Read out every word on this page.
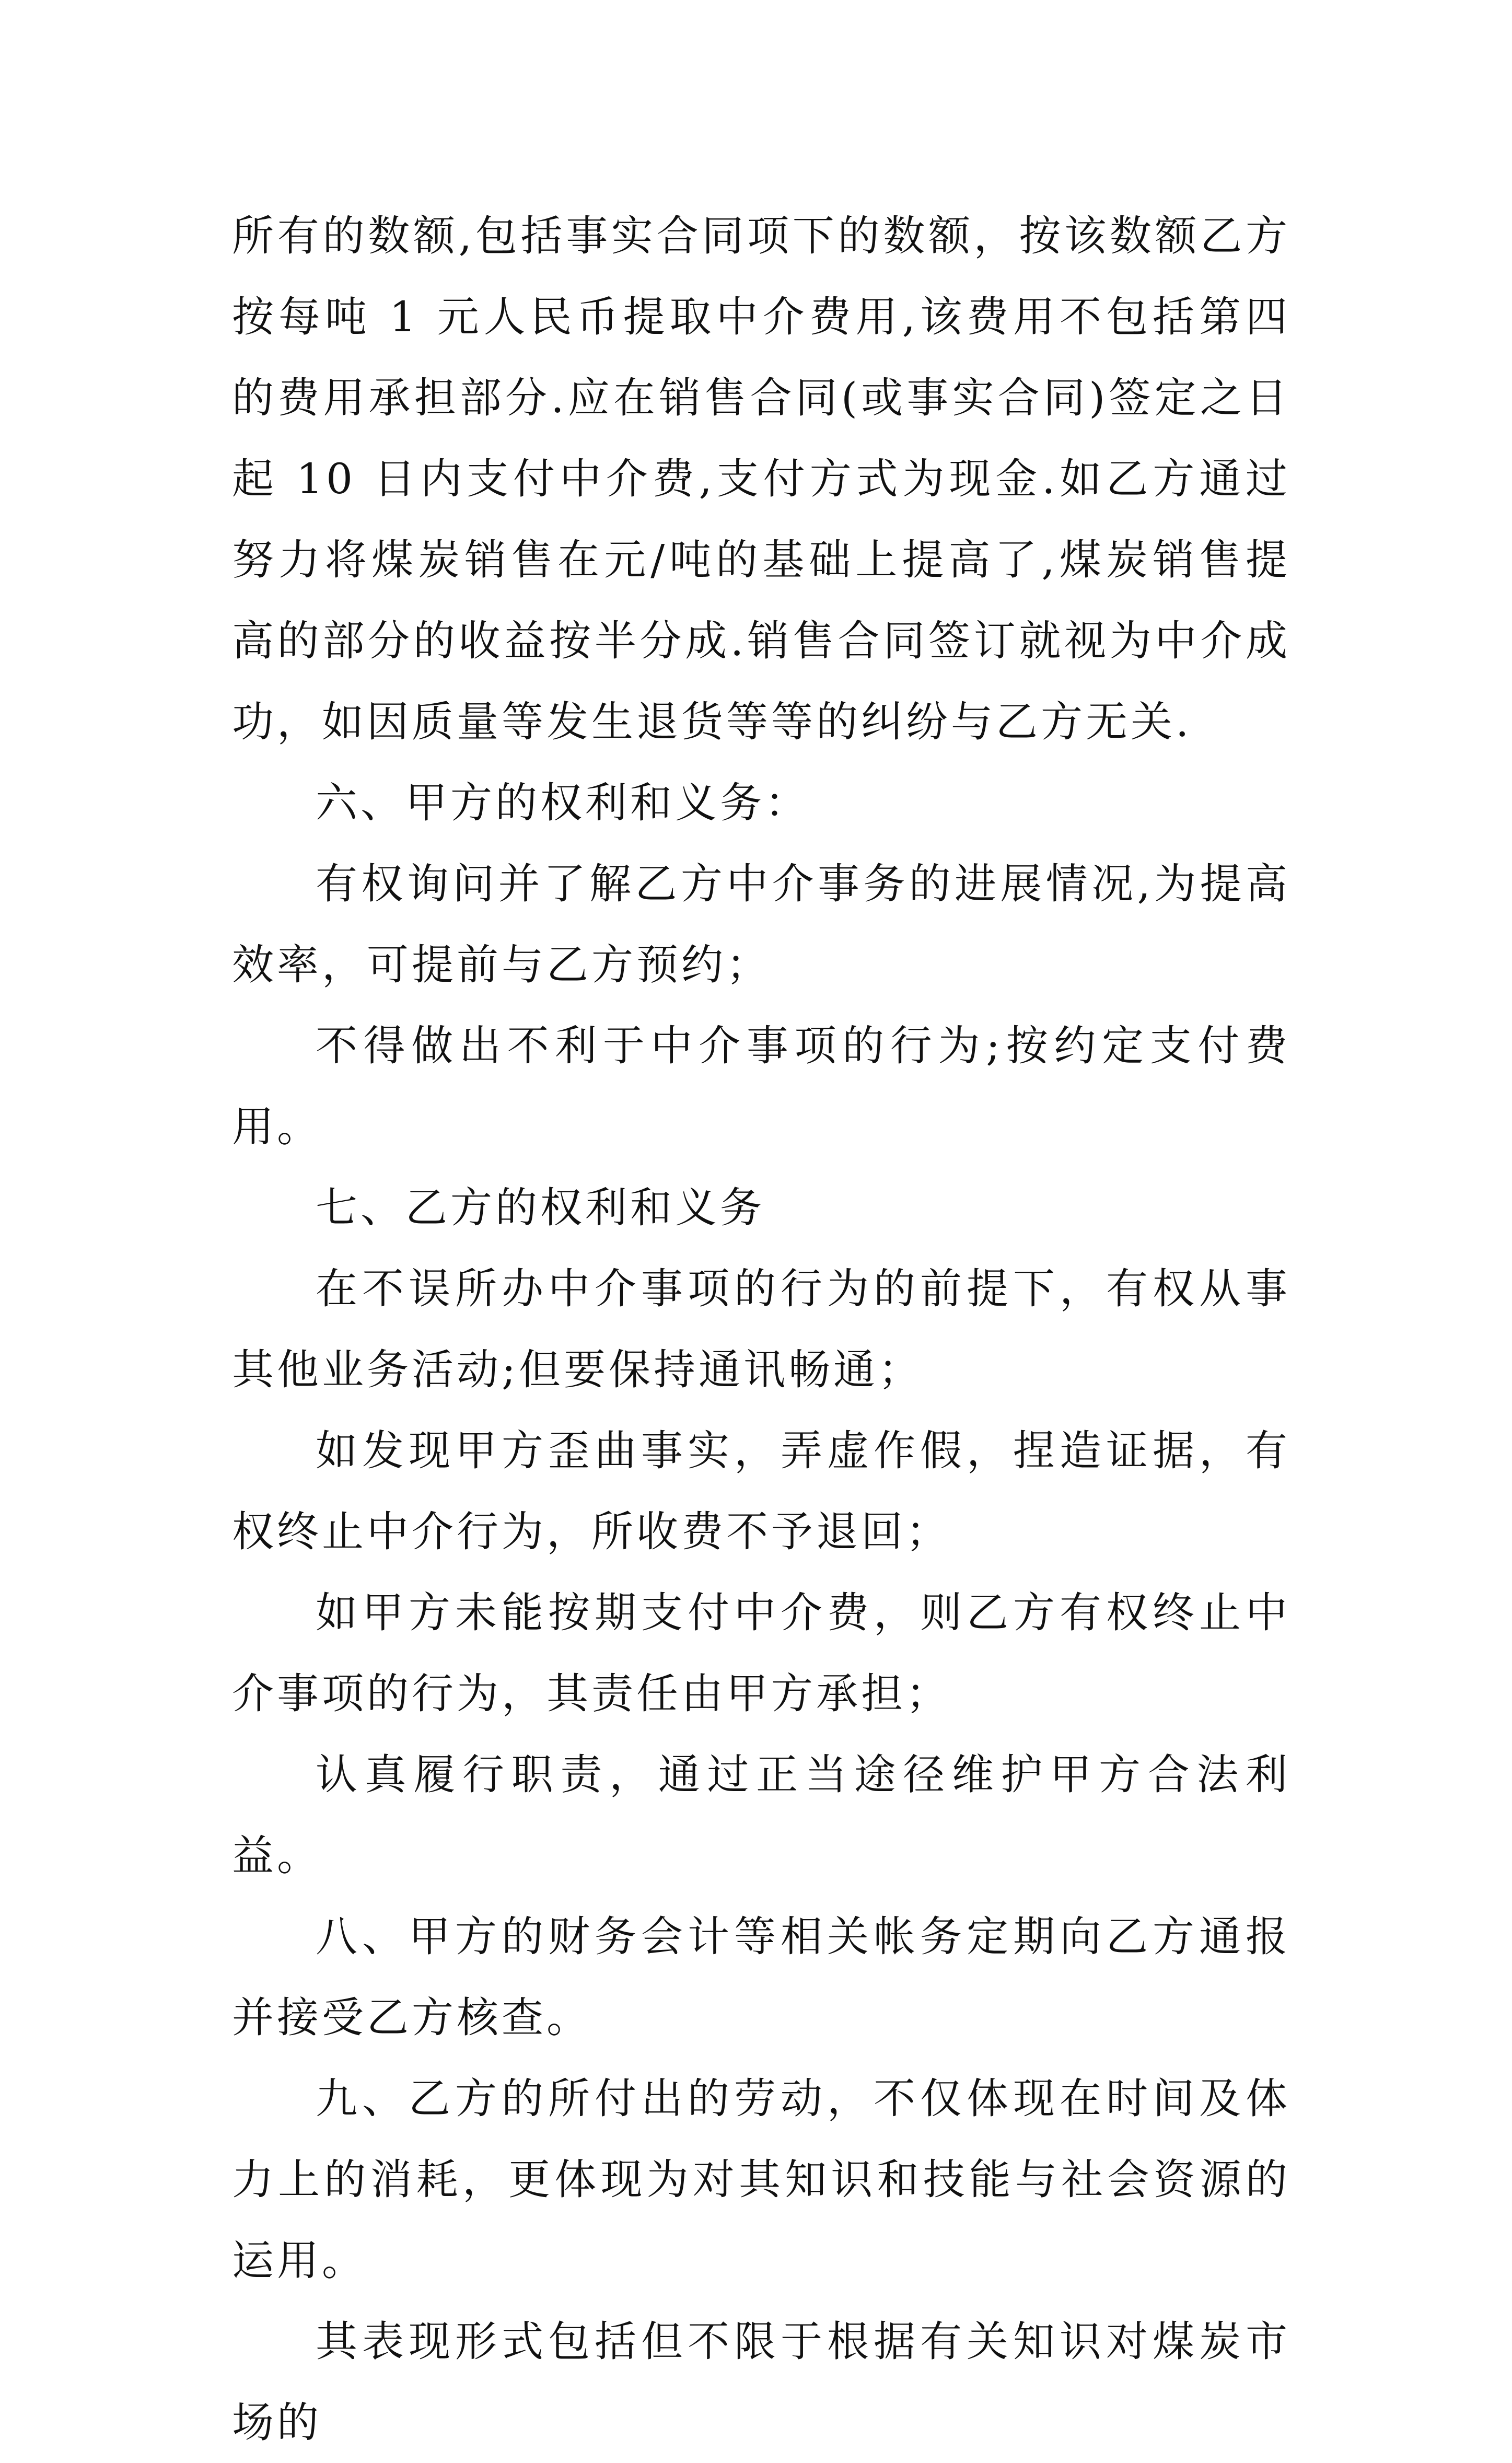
所有的数额,包括事实合同项下的数额，按该数额乙方按每吨 1 元人民币提取中介费用,该费用不包括第四的费用承担部分.应在销售合同(或事实合同)签定之日起 10 日内支付中介费,支付方式为现金.如乙方通过努力将煤炭销售在元/吨的基础上提高了,煤炭销售提高的部分的收益按半分成.销售合同签订就视为中介成功，如因质量等发生退货等等的纠纷与乙方无关.

六、甲方的权利和义务：

有权询问并了解乙方中介事务的进展情况,为提高效率，可提前与乙方预约；

不得做出不利于中介事项的行为;按约定支付费用。

七、乙方的权利和义务

在不误所办中介事项的行为的前提下，有权从事其他业务活动;但要保持通讯畅通；

如发现甲方歪曲事实，弄虚作假，捏造证据，有权终止中介行为，所收费不予退回；

如甲方未能按期支付中介费，则乙方有权终止中介事项的行为，其责任由甲方承担；

认真履行职责，通过正当途径维护甲方合法利益。

八、甲方的财务会计等相关帐务定期向乙方通报并接受乙方核查。

九、乙方的所付出的劳动，不仅体现在时间及体力上的消耗，更体现为对其知识和技能与社会资源的运用。

其表现形式包括但不限于根据有关知识对煤炭市场的
